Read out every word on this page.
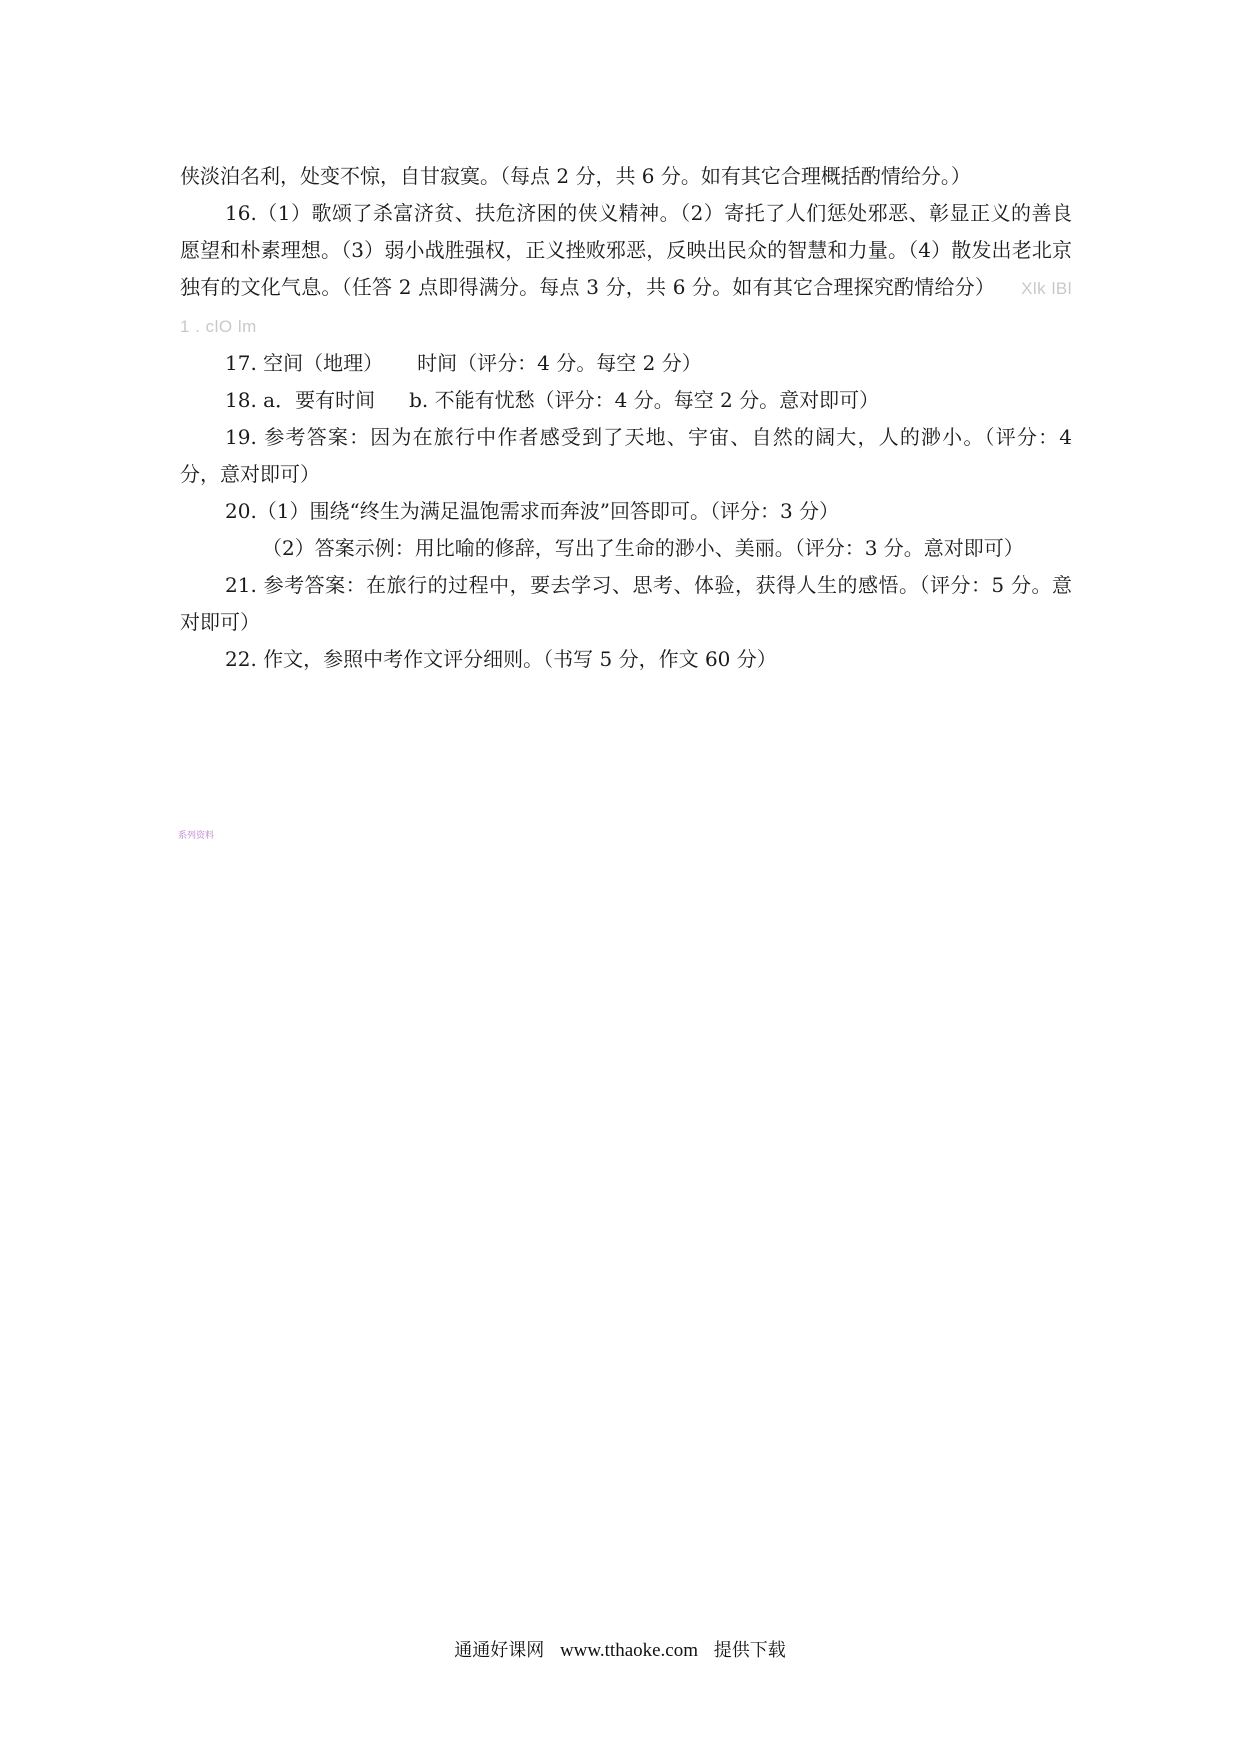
侠淡泊名利，处变不惊，自甘寂寞。（每点 2 分，共 6 分。如有其它合理概括酌情给分。）

16.（1）歌颂了杀富济贫、扶危济困的侠义精神。（2）寄托了人们惩处邪恶、彰显正义的善良愿望和朴素理想。（3）弱小战胜强权，正义挫败邪恶，反映出民众的智慧和力量。（4）散发出老北京独有的文化气息。（任答 2 点即得满分。每点 3 分，共 6 分。如有其它合理探究酌情给分） Xlk lBl 1 . clO lm

17. 空间（地理） 时间（评分：4 分。每空 2 分）

18. a．要有时间 b. 不能有忧愁（评分：4 分。每空 2 分。意对即可）

19. 参考答案：因为在旅行中作者感受到了天地、宇宙、自然的阔大，人的渺小。（评分：4 分，意对即可）

20.（1）围绕“终生为满足温饱需求而奔波”回答即可。（评分：3 分）

（2）答案示例：用比喻的修辞，写出了生命的渺小、美丽。（评分：3 分。意对即可）

21. 参考答案：在旅行的过程中，要去学习、思考、体验，获得人生的感悟。（评分：5 分。意对即可）

22. 作文，参照中考作文评分细则。（书写 5 分，作文 60 分）

系列资料
通通好课网 www.tthaoke.com 提供下载
